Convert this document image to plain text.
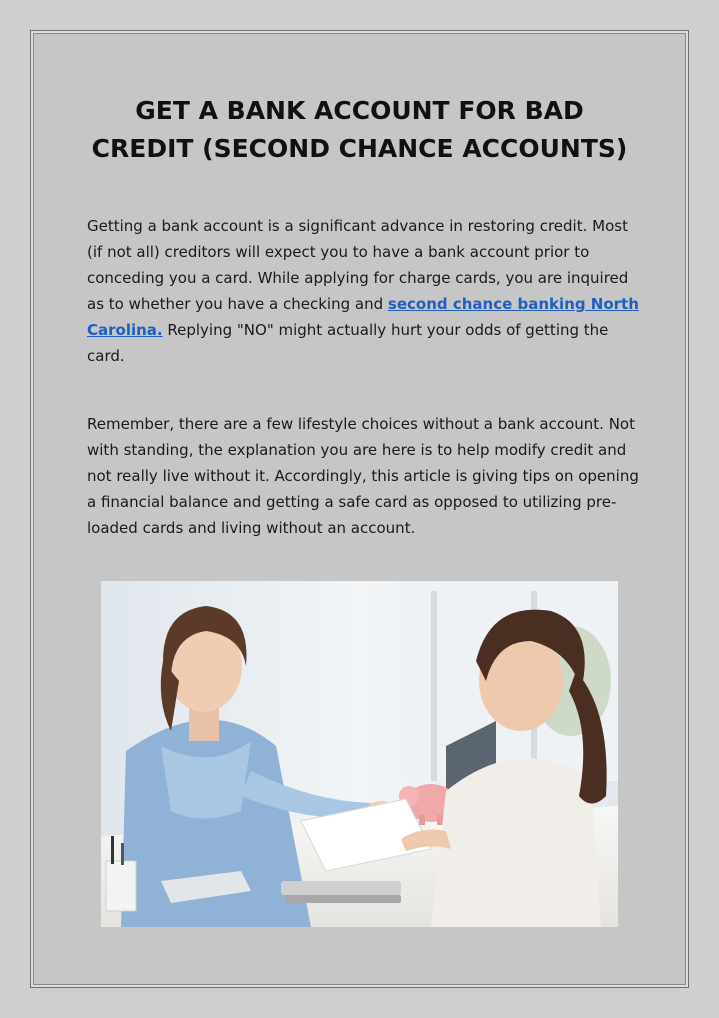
GET A BANK ACCOUNT FOR BAD
CREDIT (SECOND CHANCE ACCOUNTS)

Getting a bank account is a significant advance in restoring credit. Most (if not all) creditors will expect you to have a bank account prior to conceding you a card. While applying for charge cards, you are inquired as to whether you have a checking and second chance banking North Carolina. Replying "NO" might actually hurt your odds of getting the card.

Remember, there are a few lifestyle choices without a bank account. Not with standing, the explanation you are here is to help modify credit and not really live without it. Accordingly, this article is giving tips on opening a financial balance and getting a safe card as opposed to utilizing pre-loaded cards and living without an account.
